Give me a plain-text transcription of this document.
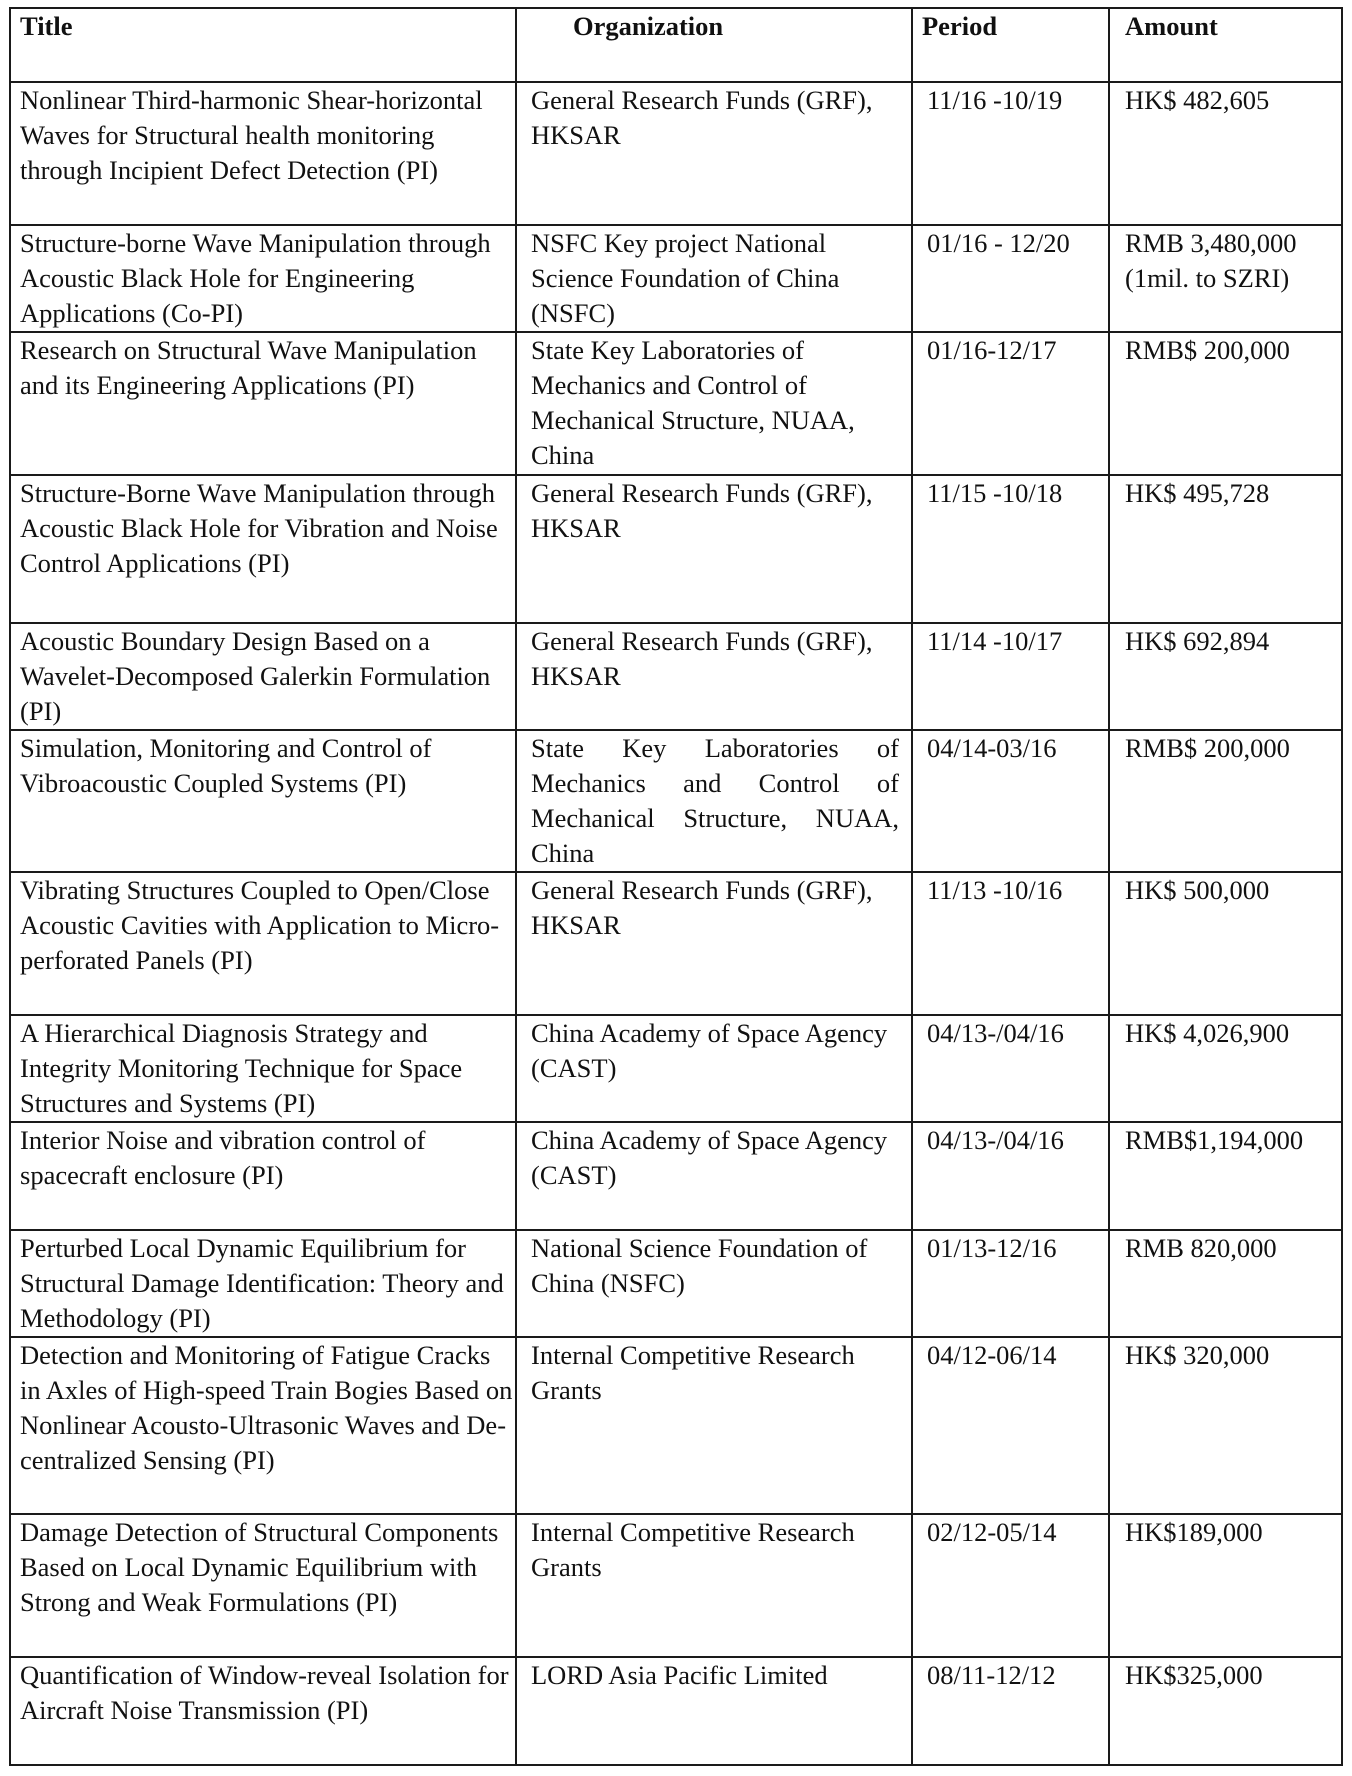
Title	Organization	Period	Amount
Nonlinear Third-harmonic Shear-horizontal Waves for Structural health monitoring through Incipient Defect Detection (PI)	General Research Funds (GRF), HKSAR	11/16 -10/19	HK$ 482,605
Structure-borne Wave Manipulation through Acoustic Black Hole for Engineering Applications (Co-PI)	NSFC Key project National Science Foundation of China (NSFC)	01/16 - 12/20	RMB 3,480,000
(1mil. to SZRI)

Research on Structural Wave Manipulation and its Engineering Applications (PI)	State Key Laboratories of Mechanics and Control of Mechanical Structure, NUAA, China	01/16-12/17	RMB$ 200,000
Structure-Borne Wave Manipulation through Acoustic Black Hole for Vibration and Noise Control Applications (PI)	General Research Funds (GRF), HKSAR	11/15 -10/18	HK$ 495,728
Acoustic Boundary Design Based on a Wavelet-Decomposed Galerkin Formulation (PI)	General Research Funds (GRF), HKSAR	11/14 -10/17	HK$ 692,894
Simulation, Monitoring and Control of Vibroacoustic Coupled Systems (PI)	State Key Laboratories of Mechanics and Control of Mechanical Structure, NUAA, China	04/14-03/16	RMB$ 200,000
Vibrating Structures Coupled to Open/Close Acoustic Cavities with Application to Micro-perforated Panels (PI)	General Research Funds (GRF), HKSAR	11/13 -10/16	HK$ 500,000
A Hierarchical Diagnosis Strategy and Integrity Monitoring Technique for Space Structures and Systems (PI)	China Academy of Space Agency (CAST)	04/13-/04/16	HK$ 4,026,900
Interior Noise and vibration control of spacecraft enclosure (PI)	China Academy of Space Agency (CAST)	04/13-/04/16	RMB$1,194,000
Perturbed Local Dynamic Equilibrium for Structural Damage Identification: Theory and Methodology (PI)	National Science Foundation of China (NSFC)	01/13-12/16	RMB 820,000
Detection and Monitoring of Fatigue Cracks in Axles of High-speed Train Bogies Based on Nonlinear Acousto-Ultrasonic Waves and De-centralized Sensing (PI)	Internal Competitive Research Grants	04/12-06/14	HK$ 320,000
Damage Detection of Structural Components Based on Local Dynamic Equilibrium with Strong and Weak Formulations (PI)	Internal Competitive Research Grants	02/12-05/14	HK$189,000
Quantification of Window-reveal Isolation for Aircraft Noise Transmission (PI)	LORD Asia Pacific Limited	08/11-12/12	HK$325,000
